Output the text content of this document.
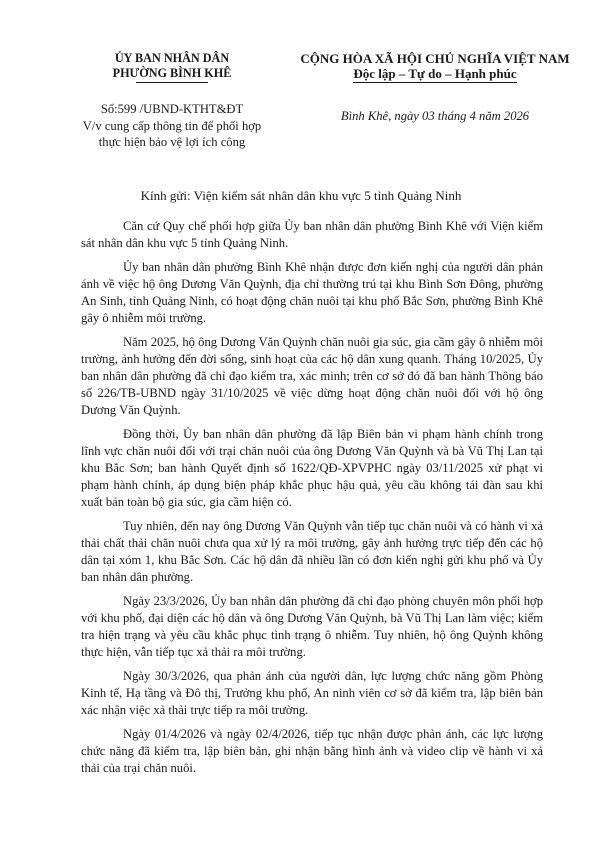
ỦY BAN NHÂN DÂN
PHƯỜNG BÌNH KHÊ
Số:599 /UBND-KTHT&ĐT
V/v cung cấp thông tin để phối hợp thực hiện bảo vệ lợi ích công
CỘNG HÒA XÃ HỘI CHỦ NGHĨA VIỆT NAM
Độc lập – Tự do – Hạnh phúc
Bình Khê, ngày 03 tháng 4 năm 2026
Kính gửi: Viện kiểm sát nhân dân khu vực 5 tỉnh Quảng Ninh

Căn cứ Quy chế phối hợp giữa Ủy ban nhân dân phường Bình Khê với Viện kiểm sát nhân dân khu vực 5 tỉnh Quảng Ninh.

Ủy ban nhân dân phường Bình Khê nhận được đơn kiến nghị của người dân phản ánh về việc hộ ông Dương Văn Quỳnh, địa chỉ thường trú tại khu Bình Sơn Đông, phường An Sinh, tỉnh Quảng Ninh, có hoạt động chăn nuôi tại khu phố Bắc Sơn, phường Bình Khê gây ô nhiễm môi trường.

Năm 2025, hộ ông Dương Văn Quỳnh chăn nuôi gia súc, gia cầm gây ô nhiễm môi trường, ảnh hưởng đến đời sống, sinh hoạt của các hộ dân xung quanh. Tháng 10/2025, Ủy ban nhân dân phường đã chỉ đạo kiểm tra, xác minh; trên cơ sở đó đã ban hành Thông báo số 226/TB-UBND ngày 31/10/2025 về việc dừng hoạt động chăn nuôi đối với hộ ông Dương Văn Quỳnh.

Đồng thời, Ủy ban nhân dân phường đã lập Biên bản vi phạm hành chính trong lĩnh vực chăn nuôi đối với trại chăn nuôi của ông Dương Văn Quỳnh và bà Vũ Thị Lan tại khu Bắc Sơn; ban hành Quyết định số 1622/QĐ-XPVPHC ngày 03/11/2025 xử phạt vi phạm hành chính, áp dụng biện pháp khắc phục hậu quả, yêu cầu không tái đàn sau khi xuất bán toàn bộ gia súc, gia cầm hiện có.

Tuy nhiên, đến nay ông Dương Văn Quỳnh vẫn tiếp tục chăn nuôi và có hành vi xả thải chất thải chăn nuôi chưa qua xử lý ra môi trường, gây ảnh hưởng trực tiếp đến các hộ dân tại xóm 1, khu Bắc Sơn. Các hộ dân đã nhiều lần có đơn kiến nghị gửi khu phố và Ủy ban nhân dân phường.

Ngày 23/3/2026, Ủy ban nhân dân phường đã chỉ đạo phòng chuyên môn phối hợp với khu phố, đại diện các hộ dân và ông Dương Văn Quỳnh, bà Vũ Thị Lan làm việc; kiểm tra hiện trạng và yêu cầu khắc phục tình trạng ô nhiễm. Tuy nhiên, hộ ông Quỳnh không thực hiện, vẫn tiếp tục xả thải ra môi trường.

Ngày 30/3/2026, qua phản ánh của người dân, lực lượng chức năng gồm Phòng Kinh tế, Hạ tầng và Đô thị, Trưởng khu phố, An ninh viên cơ sở đã kiểm tra, lập biên bản xác nhận việc xả thải trực tiếp ra môi trường.

Ngày 01/4/2026 và ngày 02/4/2026, tiếp tục nhận được phản ánh, các lực lượng chức năng đã kiểm tra, lập biên bản, ghi nhận bằng hình ảnh và video clip về hành vi xả thải của trại chăn nuôi.
